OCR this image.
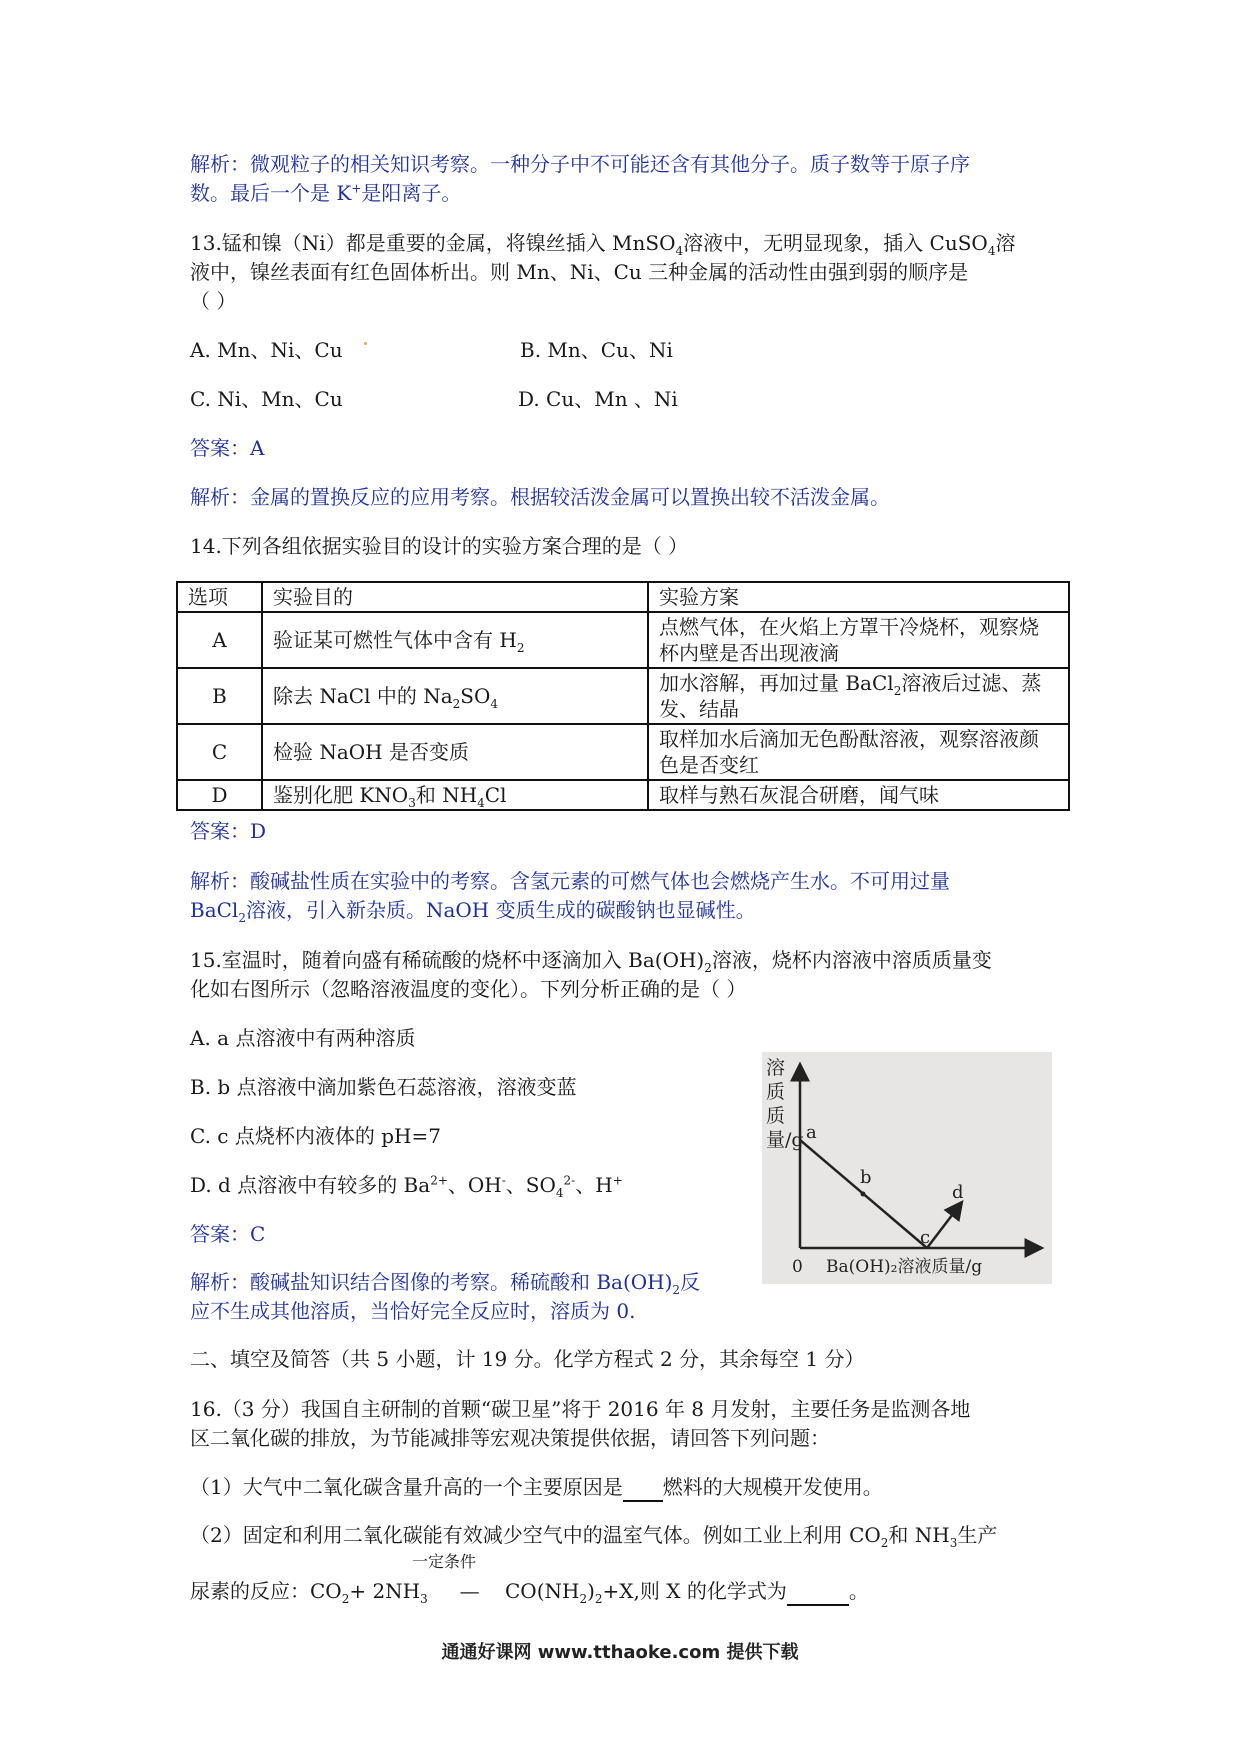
解析：微观粒子的相关知识考察。一种分子中不可能还含有其他分子。质子数等于原子序
数。最后一个是 K+是阳离子。

13.锰和镍（Ni）都是重要的金属，将镍丝插入 MnSO$_4$溶液中，无明显现象，插入 CuSO$_4$溶
液中，镍丝表面有红色固体析出。则 Mn、Ni、Cu 三种金属的活动性由强到弱的顺序是
（ ）

A. Mn、Ni、Cu	B. Mn、Cu、Ni

C. Ni、Mn、Cu	D. Cu、Mn 、Ni

答案：A

解析：金属的置换反应的应用考察。根据较活泼金属可以置换出较不活泼金属。

14.下列各组依据实验目的设计的实验方案合理的是（ ）

选项	实验目的	实验方案
A	验证某可燃性气体中含有 $H_2$	点燃气体，在火焰上方罩干冷烧杯，观察烧杯内壁是否出现液滴
B	除去 NaCl 中的 $Na_2SO_4$	加水溶解，再加过量 BaCl$_2$溶液后过滤、蒸发、结晶
C	检验 NaOH 是否变质	取样加水后滴加无色酚酞溶液，观察溶液颜色是否变红
D	鉴别化肥 $KNO_3$和 $NH_4Cl$	取样与熟石灰混合研磨，闻气味

答案：D

解析：酸碱盐性质在实验中的考察。含氢元素的可燃气体也会燃烧产生水。不可用过量
BaCl$_2$溶液，引入新杂质。NaOH 变质生成的碳酸钠也显碱性。

15.室温时，随着向盛有稀硫酸的烧杯中逐滴加入 $Ba(OH)_2$溶液，烧杯内溶液中溶质质量变
化如右图所示（忽略溶液温度的变化）。下列分析正确的是（ ）

A. a 点溶液中有两种溶质

B. b 点溶液中滴加紫色石蕊溶液，溶液变蓝

C. c 点烧杯内液体的 pH=7

D. d 点溶液中有较多的 $Ba^{2+}$、OH-、$SO_4^{2-}$、H+

答案：C

解析：酸碱盐知识结合图像的考察。稀硫酸和 $Ba(OH)_2$反
应不生成其他溶质，当恰好完全反应时，溶质为 0.

a
b
c
d
0 Ba(OH)₂溶液质量/g
溶质质量/g

二、填空及简答（共 5 小题，计 19 分。化学方程式 2 分，其余每空 1 分）

16.（3 分）我国自主研制的首颗“碳卫星”将于 2016 年 8 月发射，主要任务是监测各地
区二氧化碳的排放，为节能减排等宏观决策提供依据，请回答下列问题：

（1）大气中二氧化碳含量升高的一个主要原因是 燃料的大规模开发使用。

（2）固定和利用二氧化碳能有效减少空气中的温室气体。例如工业上利用 $CO_2$和 $NH_3$生产

一定条件

尿素的反应：$CO_2+ 2NH_3$ — $CO(NH_2)_2+X$,则 X 的化学式为	。

通通好课网 www.tthaoke.com 提供下载
